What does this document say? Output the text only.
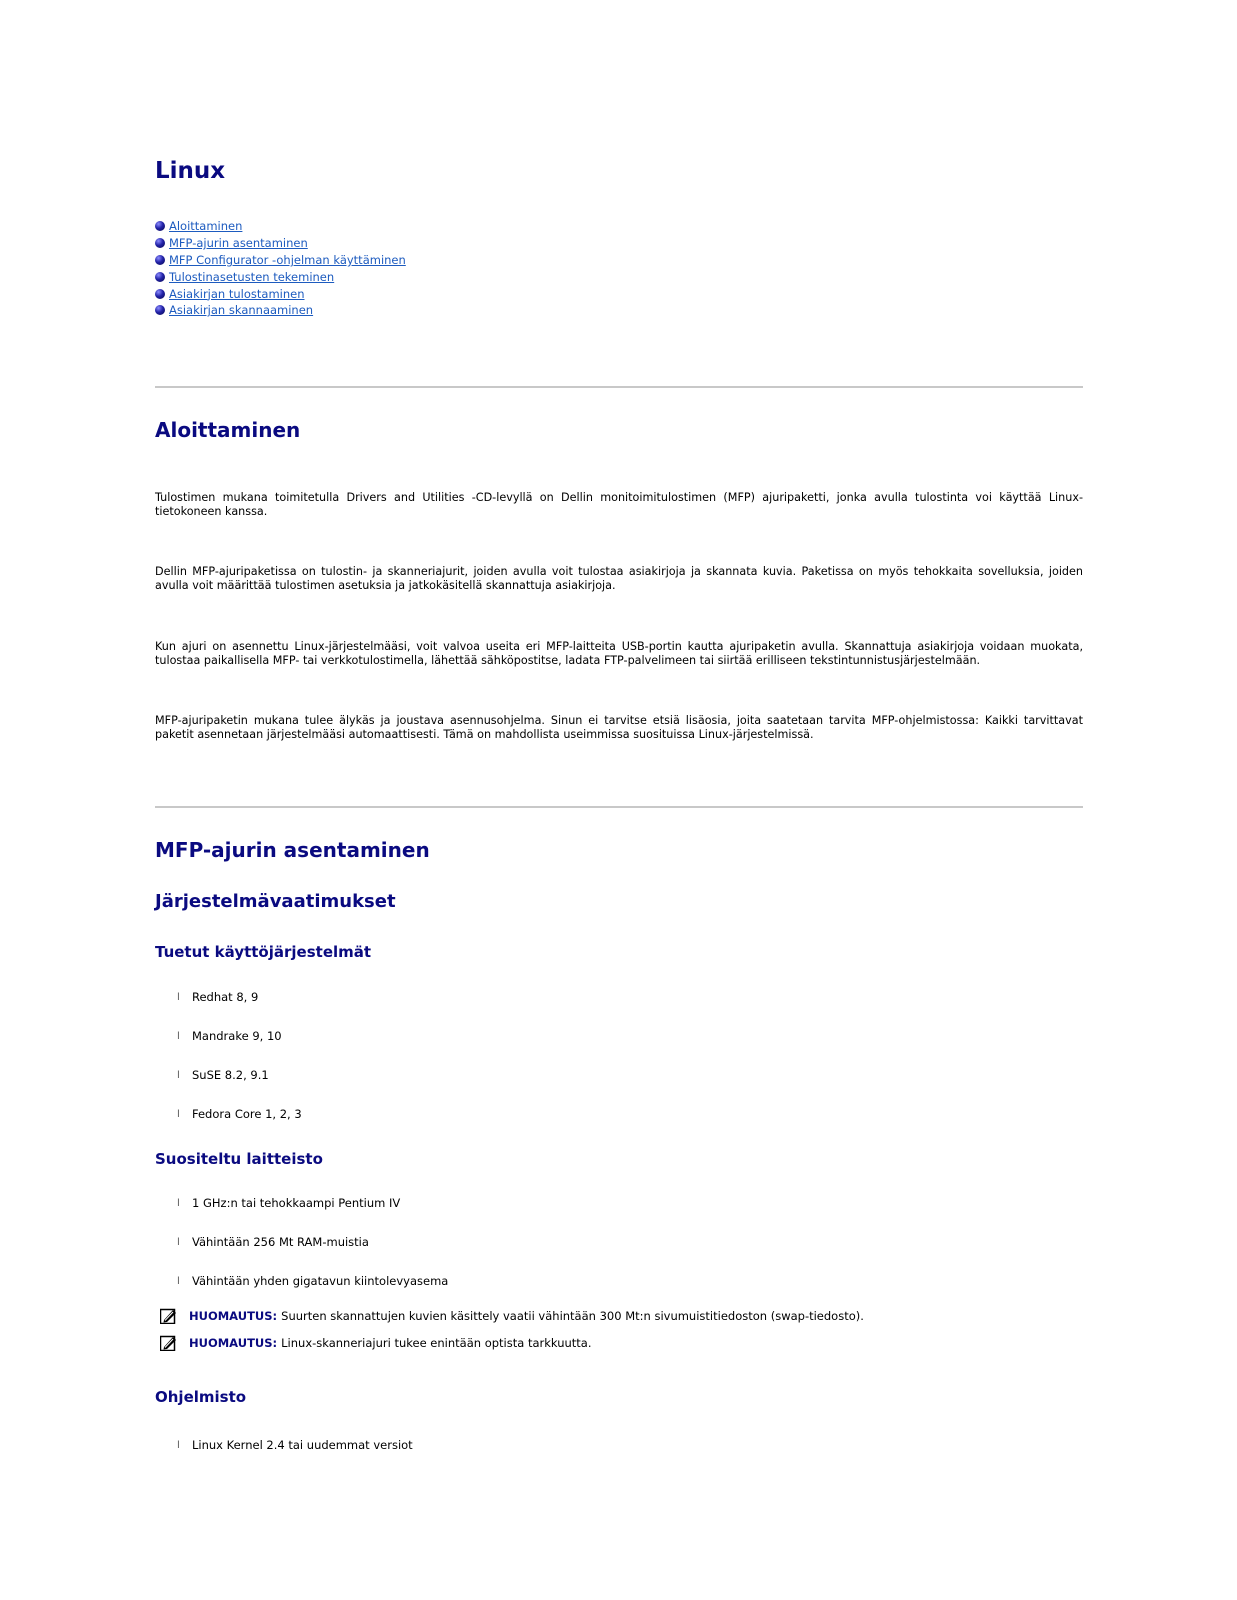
Linux
Aloittaminen
MFP-ajurin asentaminen
MFP Configurator -ohjelman käyttäminen
Tulostinasetusten tekeminen
Asiakirjan tulostaminen
Asiakirjan skannaaminen
Aloittaminen

Tulostimen mukana toimitetulla Drivers and Utilities -CD-levyllä on Dellin monitoimitulostimen (MFP) ajuripaketti, jonka avulla tulostinta voi käyttää Linux-tietokoneen kanssa.

Dellin MFP-ajuripaketissa on tulostin- ja skanneriajurit, joiden avulla voit tulostaa asiakirjoja ja skannata kuvia. Paketissa on myös tehokkaita sovelluksia, joiden avulla voit määrittää tulostimen asetuksia ja jatkokäsitellä skannattuja asiakirjoja.

Kun ajuri on asennettu Linux-järjestelmääsi, voit valvoa useita eri MFP-laitteita USB-portin kautta ajuripaketin avulla. Skannattuja asiakirjoja voidaan muokata, tulostaa paikallisella MFP- tai verkkotulostimella, lähettää sähköpostitse, ladata FTP-palvelimeen tai siirtää erilliseen tekstintunnistusjärjestelmään.

MFP-ajuripaketin mukana tulee älykäs ja joustava asennusohjelma. Sinun ei tarvitse etsiä lisäosia, joita saatetaan tarvita MFP-ohjelmistossa: Kaikki tarvittavat paketit asennetaan järjestelmääsi automaattisesti. Tämä on mahdollista useimmissa suosituissa Linux-järjestelmissä.

MFP-ajurin asentaminen
Järjestelmävaatimukset
Tuetut käyttöjärjestelmät
l Redhat 8, 9
l Mandrake 9, 10
l SuSE 8.2, 9.1
l Fedora Core 1, 2, 3
Suositeltu laitteisto
l 1 GHz:n tai tehokkaampi Pentium IV
l Vähintään 256 Mt RAM-muistia
l Vähintään yhden gigatavun kiintolevyasema
HUOMAUTUS: Suurten skannattujen kuvien käsittely vaatii vähintään 300 Mt:n sivumuistitiedoston (swap-tiedosto).
HUOMAUTUS: Linux-skanneriajuri tukee enintään optista tarkkuutta.
Ohjelmisto
l Linux Kernel 2.4 tai uudemmat versiot
